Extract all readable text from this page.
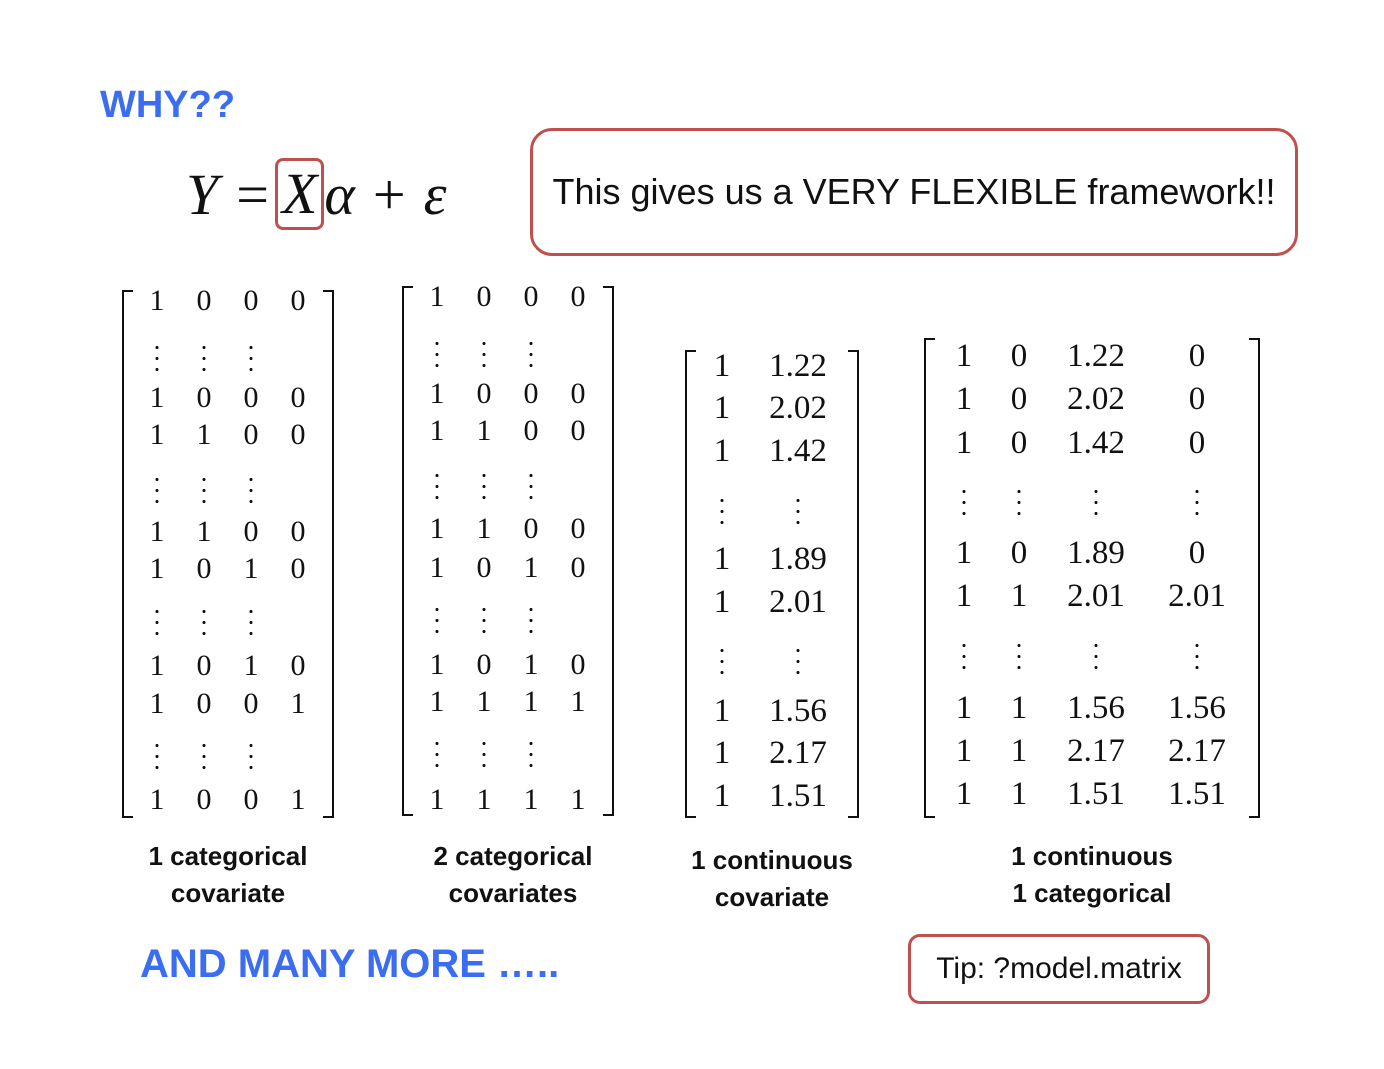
WHY??
Y = X α + ε	This gives us a VERY FLEXIBLE framework!!
1 0 0 0
1 0 0 0
1 1 0 0
1 1 0 0
1 0 1 0
1 0 1 0
1 0 0 1
1 0 0 1
1 0 0 0
1 0 0 0
1 1 0 0
1 1 0 0
1 0 1 0
1 0 1 0
1 1 1 1
1 1 1 1
1 1.22
1 2.02
1 1.42
1 1.89
1 2.01
1 1.56
1 2.17
1 1.51
1 0 1.22 0
1 0 2.02 0
1 0 1.42 0
1 0 1.89 0
1 1 2.01 2.01
1 1 1.56 1.56
1 1 2.17 2.17
1 1 1.51 1.51
1 categorical
covariate
2 categorical
covariates
1 continuous
covariate
1 continuous
1 categorical
AND MANY MORE …..	Tip: ?model.matrix
